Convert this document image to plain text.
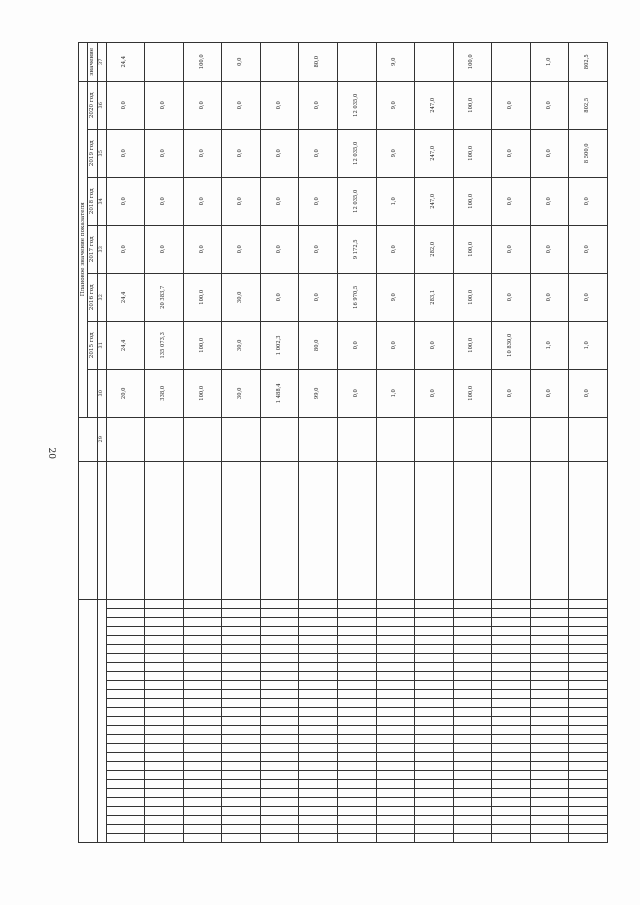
20
																													Плановое значение показателя							
																														2015 год	2016 год	2017 год	2018 год	2019 год	2020 год	значение
																												29	30	31	32	33	34	35	36	37
																													20,0	24,4	24,4	0,0	0,0	0,0	0,0	24,4
																													338,0	135 073,3	20 383,7	0,0	0,0	0,0	0,0	
																													100,0	100,0	100,0	0,0	0,0	0,0	0,0	100,0
																													30,0	30,0	30,0	0,0	0,0	0,0	0,0	0,0
																													1 488,4	1 002,3	0,0	0,0	0,0	0,0	0,0	
																													99,0	80,0	0,0	0,0	0,0	0,0	0,0	80,0
																													0,0	0,0	16 970,5	9 172,5	12 035,0	12 035,0	12 035,0	
																													1,0	0,0	9,0	0,0	1,0	9,0	9,0	9,0
																													0,0	0,0	283,1	282,0	247,0	247,0	247,0	
																													100,0	100,0	100,0	100,0	100,0	100,0	100,0	100,0
																													0,0	10 830,0	0,0	0,0	0,0	0,0	0,0	
																													0,0	1,0	0,0	0,0	0,0	0,0	0,0	1,0
																													0,0	1,0	0,0	0,0	0,0	8 500,0	802,5	802,5
